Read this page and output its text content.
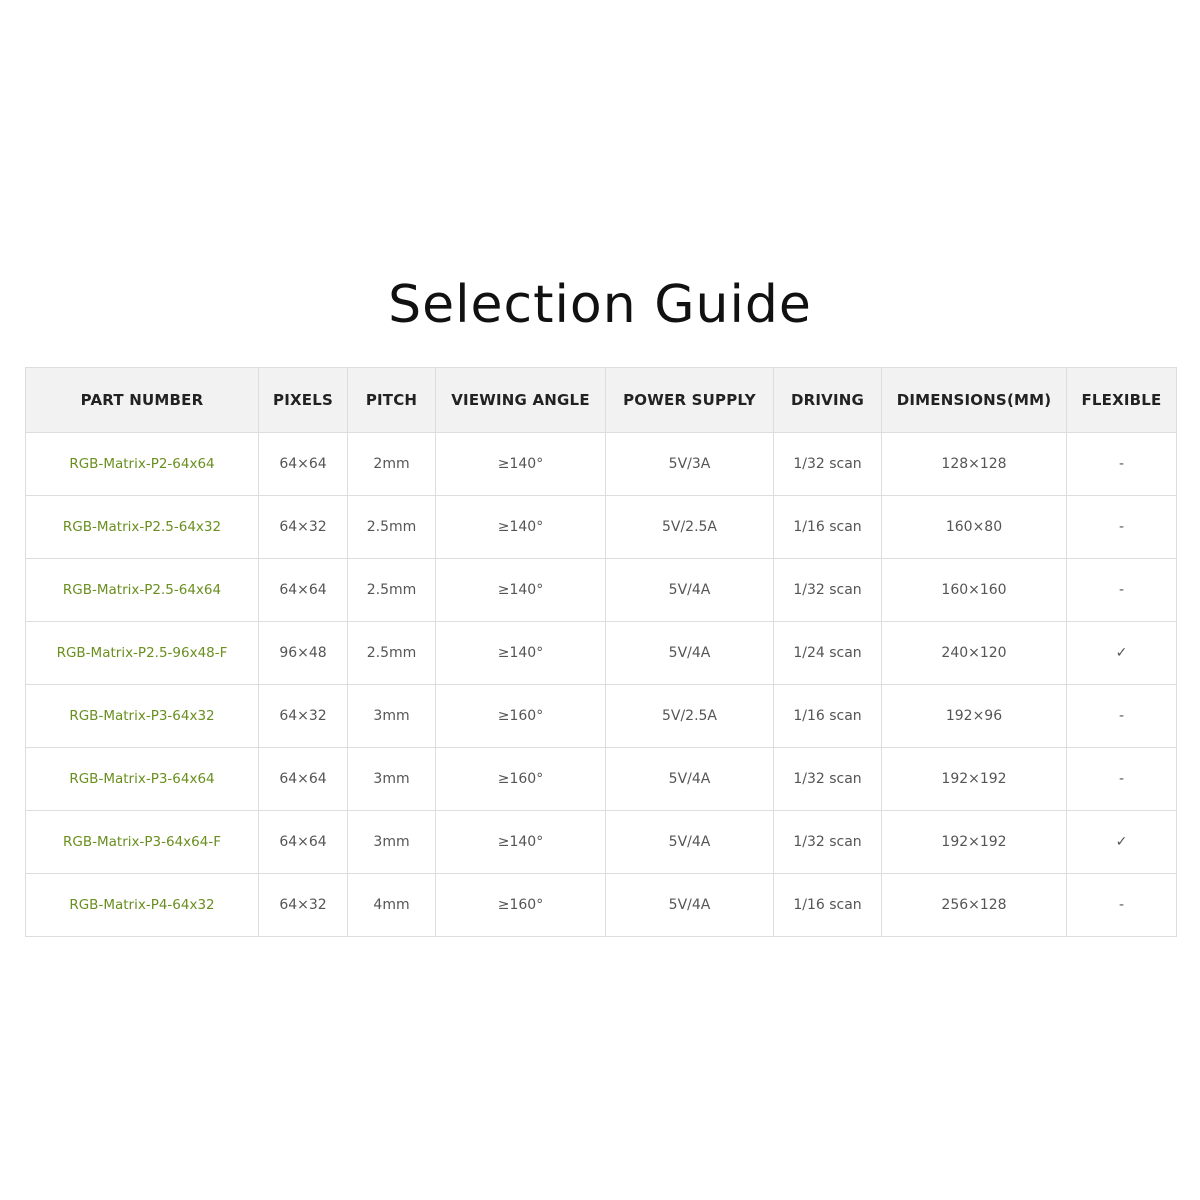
Selection Guide
PART NUMBER	PIXELS	PITCH	VIEWING ANGLE	POWER SUPPLY	DRIVING	DIMENSIONS(MM)	FLEXIBLE
RGB-Matrix-P2-64x64	64×64	2mm	≥140°	5V/3A	1/32 scan	128×128	-
RGB-Matrix-P2.5-64x32	64×32	2.5mm	≥140°	5V/2.5A	1/16 scan	160×80	-
RGB-Matrix-P2.5-64x64	64×64	2.5mm	≥140°	5V/4A	1/32 scan	160×160	-
RGB-Matrix-P2.5-96x48-F	96×48	2.5mm	≥140°	5V/4A	1/24 scan	240×120	✓
RGB-Matrix-P3-64x32	64×32	3mm	≥160°	5V/2.5A	1/16 scan	192×96	-
RGB-Matrix-P3-64x64	64×64	3mm	≥160°	5V/4A	1/32 scan	192×192	-
RGB-Matrix-P3-64x64-F	64×64	3mm	≥140°	5V/4A	1/32 scan	192×192	✓
RGB-Matrix-P4-64x32	64×32	4mm	≥160°	5V/4A	1/16 scan	256×128	-
